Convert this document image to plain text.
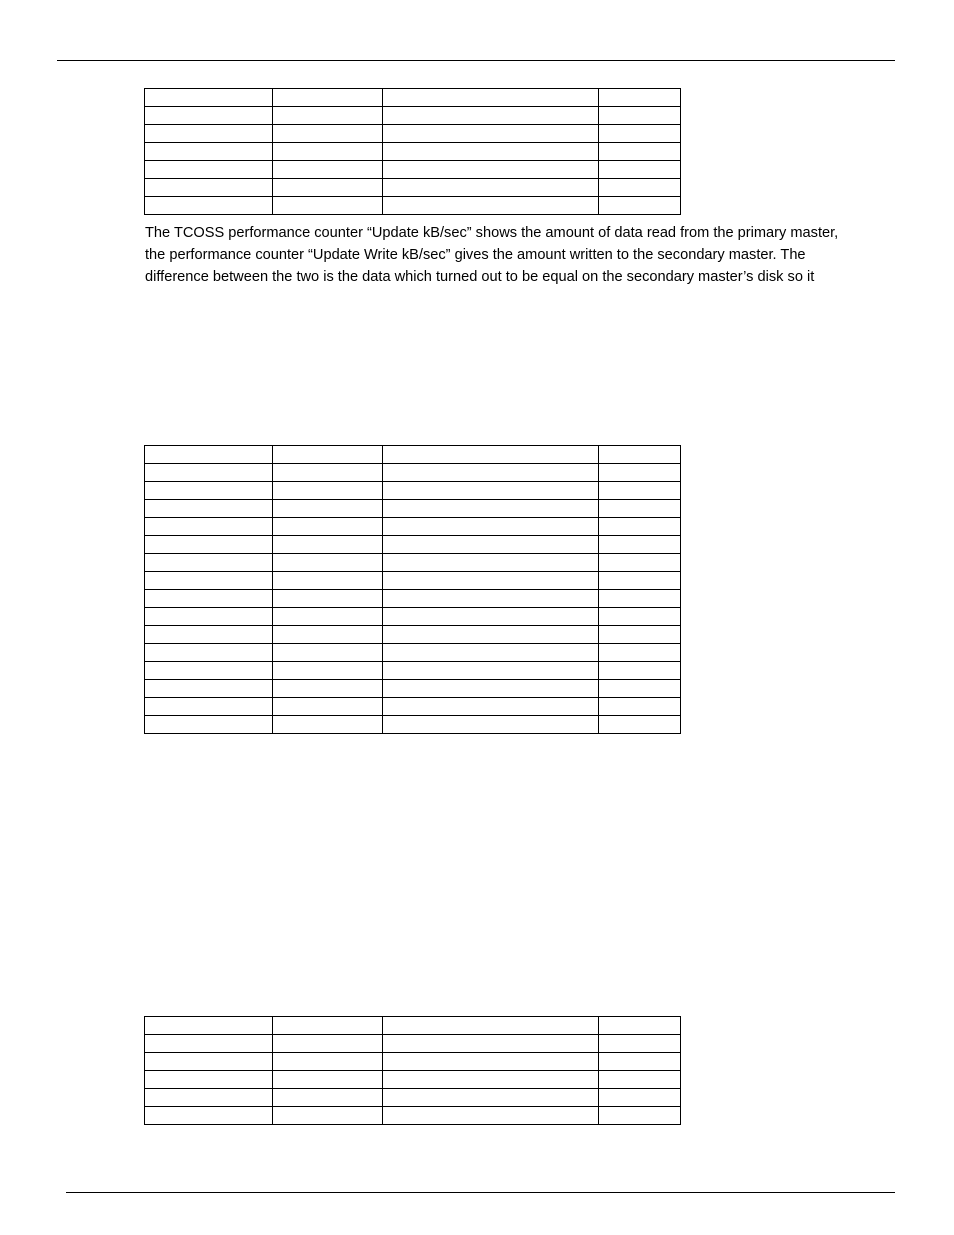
The TCOSS performance counter “Update kB/sec” shows the amount of data read from the primary master,
the performance counter “Update Write kB/sec” gives the amount written to the secondary master. The
difference between the two is the data which turned out to be equal on the secondary master’s disk so it
